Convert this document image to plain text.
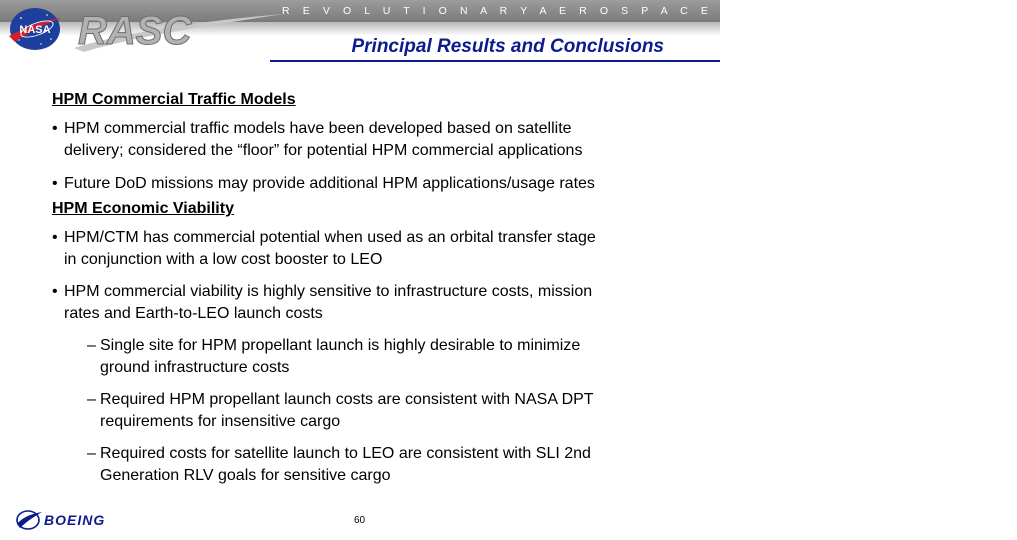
R E V O L U T I O N A R Y A E R O S P A C E S Y S T E M S C O N C E P T S
NASA RASC	Principal Results and Conclusions

HPM Commercial Traffic Models

• HPM commercial traffic models have been developed based on satellite
delivery; considered the “floor” for potential HPM commercial applications
• Future DoD missions may provide additional HPM applications/usage rates

HPM Economic Viability

• HPM/CTM has commercial potential when used as an orbital transfer stage
in conjunction with a low cost booster to LEO
• HPM commercial viability is highly sensitive to infrastructure costs, mission
rates and Earth-to-LEO launch costs
– Single site for HPM propellant launch is highly desirable to minimize
ground infrastructure costs
– Required HPM propellant launch costs are consistent with NASA DPT
requirements for insensitive cargo
– Required costs for satellite launch to LEO are consistent with SLI 2nd
Generation RLV goals for sensitive cargo
BOEING	60
